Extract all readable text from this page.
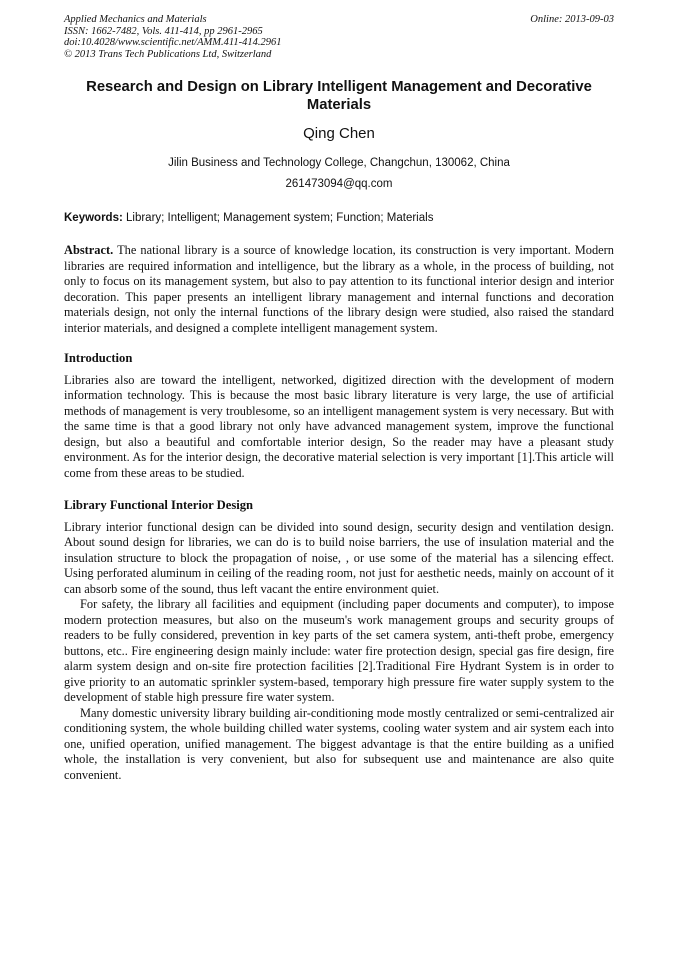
Applied Mechanics and Materials
ISSN: 1662-7482, Vols. 411-414, pp 2961-2965
doi:10.4028/www.scientific.net/AMM.411-414.2961
© 2013 Trans Tech Publications Ltd, Switzerland
Online: 2013-09-03
Research and Design on Library Intelligent Management and Decorative Materials
Qing Chen
Jilin Business and Technology College, Changchun, 130062, China
261473094@qq.com
Keywords: Library; Intelligent; Management system; Function; Materials
Abstract. The national library is a source of knowledge location, its construction is very important. Modern libraries are required information and intelligence, but the library as a whole, in the process of building, not only to focus on its management system, but also to pay attention to its functional interior design and interior decoration. This paper presents an intelligent library management and internal functions and decoration materials design, not only the internal functions of the library design were studied, also raised the standard interior materials, and designed a complete intelligent management system.
Introduction
Libraries also are toward the intelligent, networked, digitized direction with the development of modern information technology. This is because the most basic library literature is very large, the use of artificial methods of management is very troublesome, so an intelligent management system is very necessary. But with the same time is that a good library not only have advanced management system, improve the functional design, but also a beautiful and comfortable interior design, So the reader may have a pleasant study environment. As for the interior design, the decorative material selection is very important [1].This article will come from these areas to be studied.
Library Functional Interior Design
Library interior functional design can be divided into sound design, security design and ventilation design. About sound design for libraries, we can do is to build noise barriers, the use of insulation material and the insulation structure to block the propagation of noise, , or use some of the material has a silencing effect. Using perforated aluminum in ceiling of the reading room, not just for aesthetic needs, mainly on account of it can absorb some of the sound, thus left vacant the entire environment quiet.
For safety, the library all facilities and equipment (including paper documents and computer), to impose modern protection measures, but also on the museum's work management groups and security groups of readers to be fully considered, prevention in key parts of the set camera system, anti-theft probe, emergency buttons, etc.. Fire engineering design mainly include: water fire protection design, special gas fire design, fire alarm system design and on-site fire protection facilities [2].Traditional Fire Hydrant System is in order to give priority to an automatic sprinkler system-based, temporary high pressure fire water supply system to the development of stable high pressure fire water system.
Many domestic university library building air-conditioning mode mostly centralized or semi-centralized air conditioning system, the whole building chilled water systems, cooling water system and air system each into one, unified operation, unified management. The biggest advantage is that the entire building as a unified whole, the installation is very convenient, but also for subsequent use and maintenance are also quite convenient.
